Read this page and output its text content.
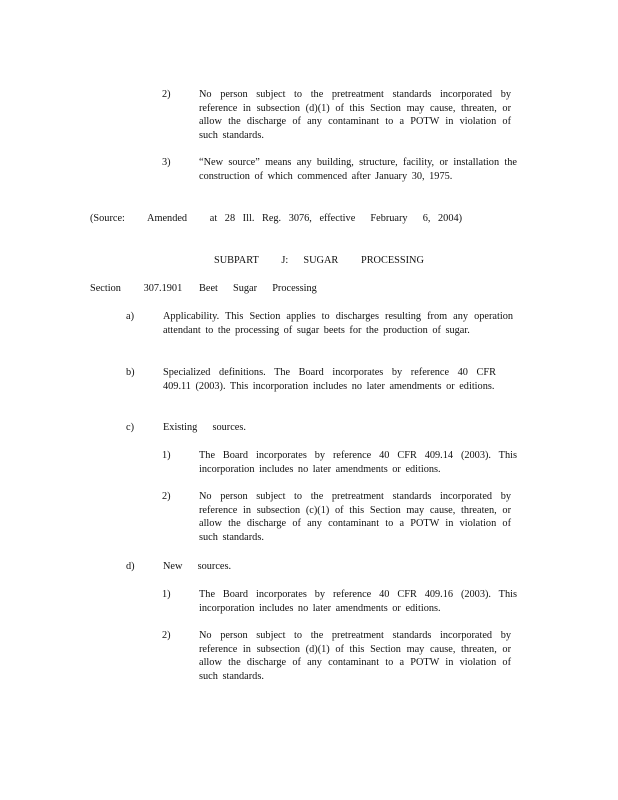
2)	No person subject to the pretreatment standards incorporated by reference in subsection (d)(1) of this Section may cause, threaten, or allow the discharge of any contaminant to a POTW in violation of such standards.
3)	“New source” means any building, structure, facility, or installation the construction of which commenced after January 30, 1975.
(Source:   Amended   at 28 Ill. Reg. 3076, effective  February  6, 2004)
SUBPART   J:  SUGAR   PROCESSING
Section   307.1901 Beet  Sugar  Processing
a)	Applicability. This Section applies to discharges resulting from any operation attendant to the processing of sugar beets for the production of sugar.
b)	Specialized definitions. The Board incorporates by reference 40 CFR 409.11 (2003). This incorporation includes no later amendments or editions.
c)	Existing  sources.
1)	The Board incorporates by reference 40 CFR 409.14 (2003). This incorporation includes no later amendments or editions.
2)	No person subject to the pretreatment standards incorporated by reference in subsection (c)(1) of this Section may cause, threaten, or allow the discharge of any contaminant to a POTW in violation of such standards.
d)	New  sources.
1)	The Board incorporates by reference 40 CFR 409.16 (2003). This incorporation includes no later amendments or editions.
2)	No person subject to the pretreatment standards incorporated by reference in subsection (d)(1) of this Section may cause, threaten, or allow the discharge of any contaminant to a POTW in violation of such standards.
